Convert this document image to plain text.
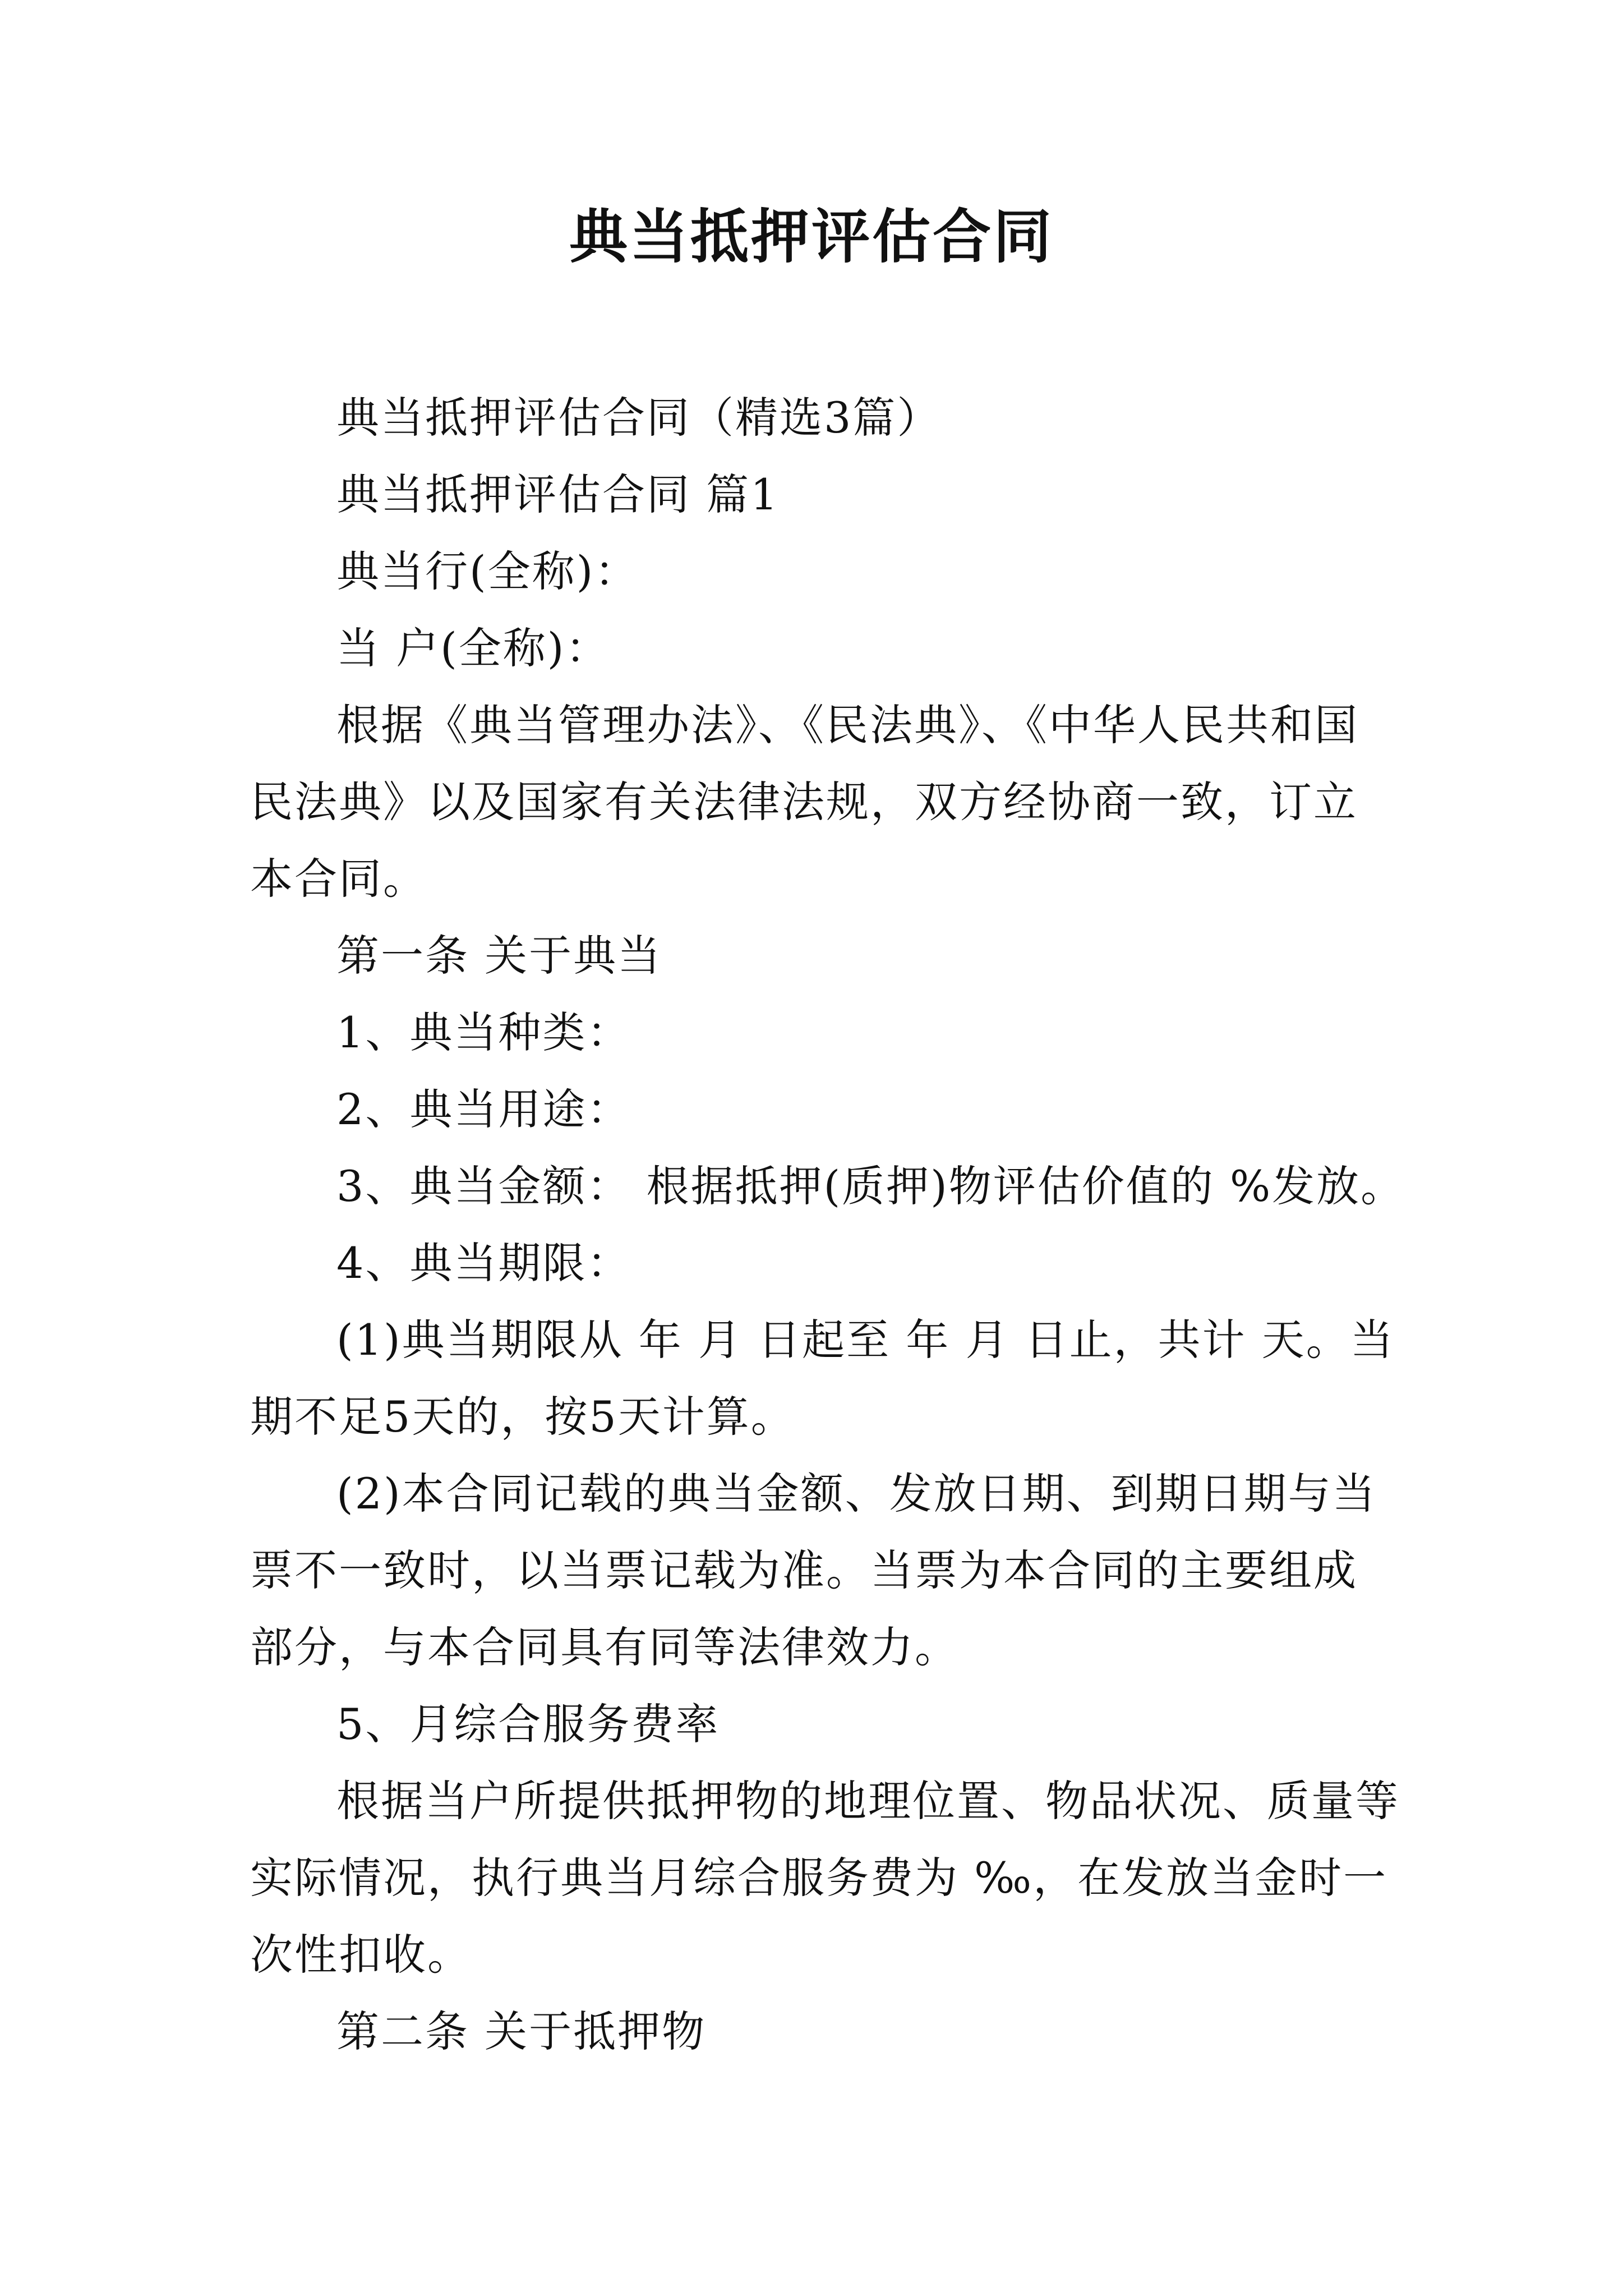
典当抵押评估合同

典当抵押评估合同（精选3篇）

典当抵押评估合同 篇1

典当行(全称)：

当 户(全称)：

根据《典当管理办法》、《民法典》、《中华人民共和国民法典》以及国家有关法律法规，双方经协商一致，订立本合同。

第一条 关于典当

1、典当种类：

2、典当用途：

3、典当金额： 根据抵押(质押)物评估价值的 %发放。

4、典当期限：

(1)典当期限从 年 月 日起至 年 月 日止，共计 天。当期不足5天的，按5天计算。

(2)本合同记载的典当金额、发放日期、到期日期与当票不一致时，以当票记载为准。当票为本合同的主要组成部分，与本合同具有同等法律效力。

5、月综合服务费率

根据当户所提供抵押物的地理位置、物品状况、质量等实际情况，执行典当月综合服务费为 ‰，在发放当金时一次性扣收。

第二条 关于抵押物
